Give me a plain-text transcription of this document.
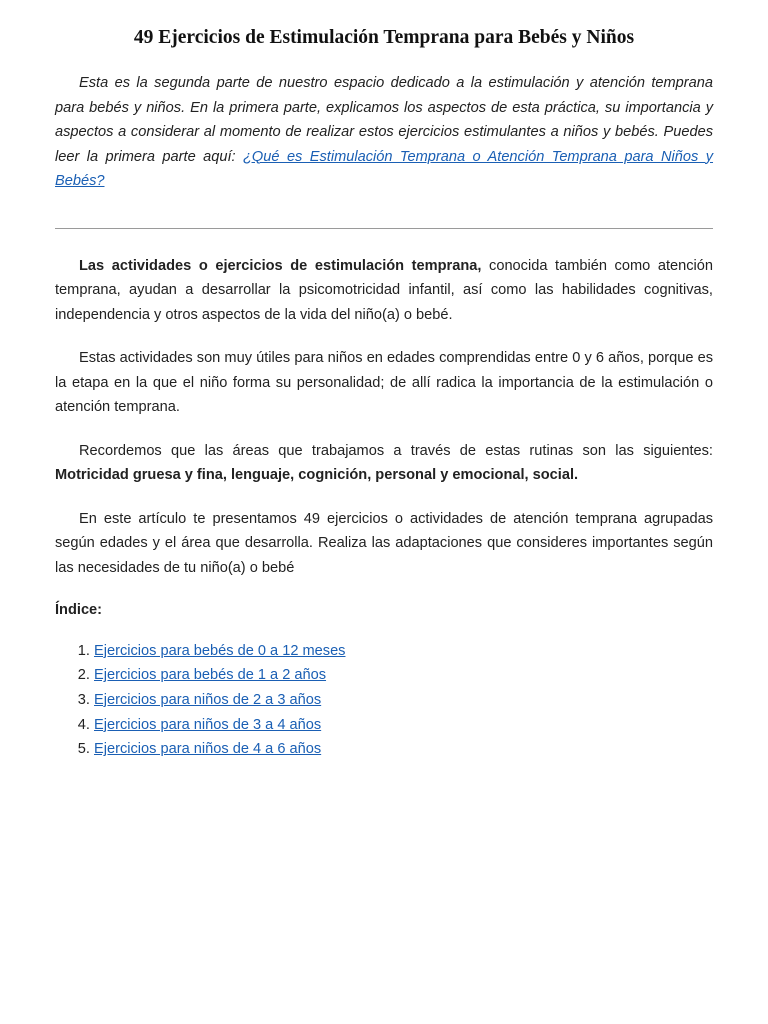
49 Ejercicios de Estimulación Temprana para Bebés y Niños

Esta es la segunda parte de nuestro espacio dedicado a la estimulación y atención temprana para bebés y niños. En la primera parte, explicamos los aspectos de esta práctica, su importancia y aspectos a considerar al momento de realizar estos ejercicios estimulantes a niños y bebés. Puedes leer la primera parte aquí: ¿Qué es Estimulación Temprana o Atención Temprana para Niños y Bebés?

Las actividades o ejercicios de estimulación temprana, conocida también como atención temprana, ayudan a desarrollar la psicomotricidad infantil, así como las habilidades cognitivas, independencia y otros aspectos de la vida del niño(a) o bebé.

Estas actividades son muy útiles para niños en edades comprendidas entre 0 y 6 años, porque es la etapa en la que el niño forma su personalidad; de allí radica la importancia de la estimulación o atención temprana.

Recordemos que las áreas que trabajamos a través de estas rutinas son las siguientes: Motricidad gruesa y fina, lenguaje, cognición, personal y emocional, social.

En este artículo te presentamos 49 ejercicios o actividades de atención temprana agrupadas según edades y el área que desarrolla. Realiza las adaptaciones que consideres importantes según las necesidades de tu niño(a) o bebé

Índice:
1. Ejercicios para bebés de 0 a 12 meses
2. Ejercicios para bebés de 1 a 2 años
3. Ejercicios para niños de 2 a 3 años
4. Ejercicios para niños de 3 a 4 años
5. Ejercicios para niños de 4 a 6 años
